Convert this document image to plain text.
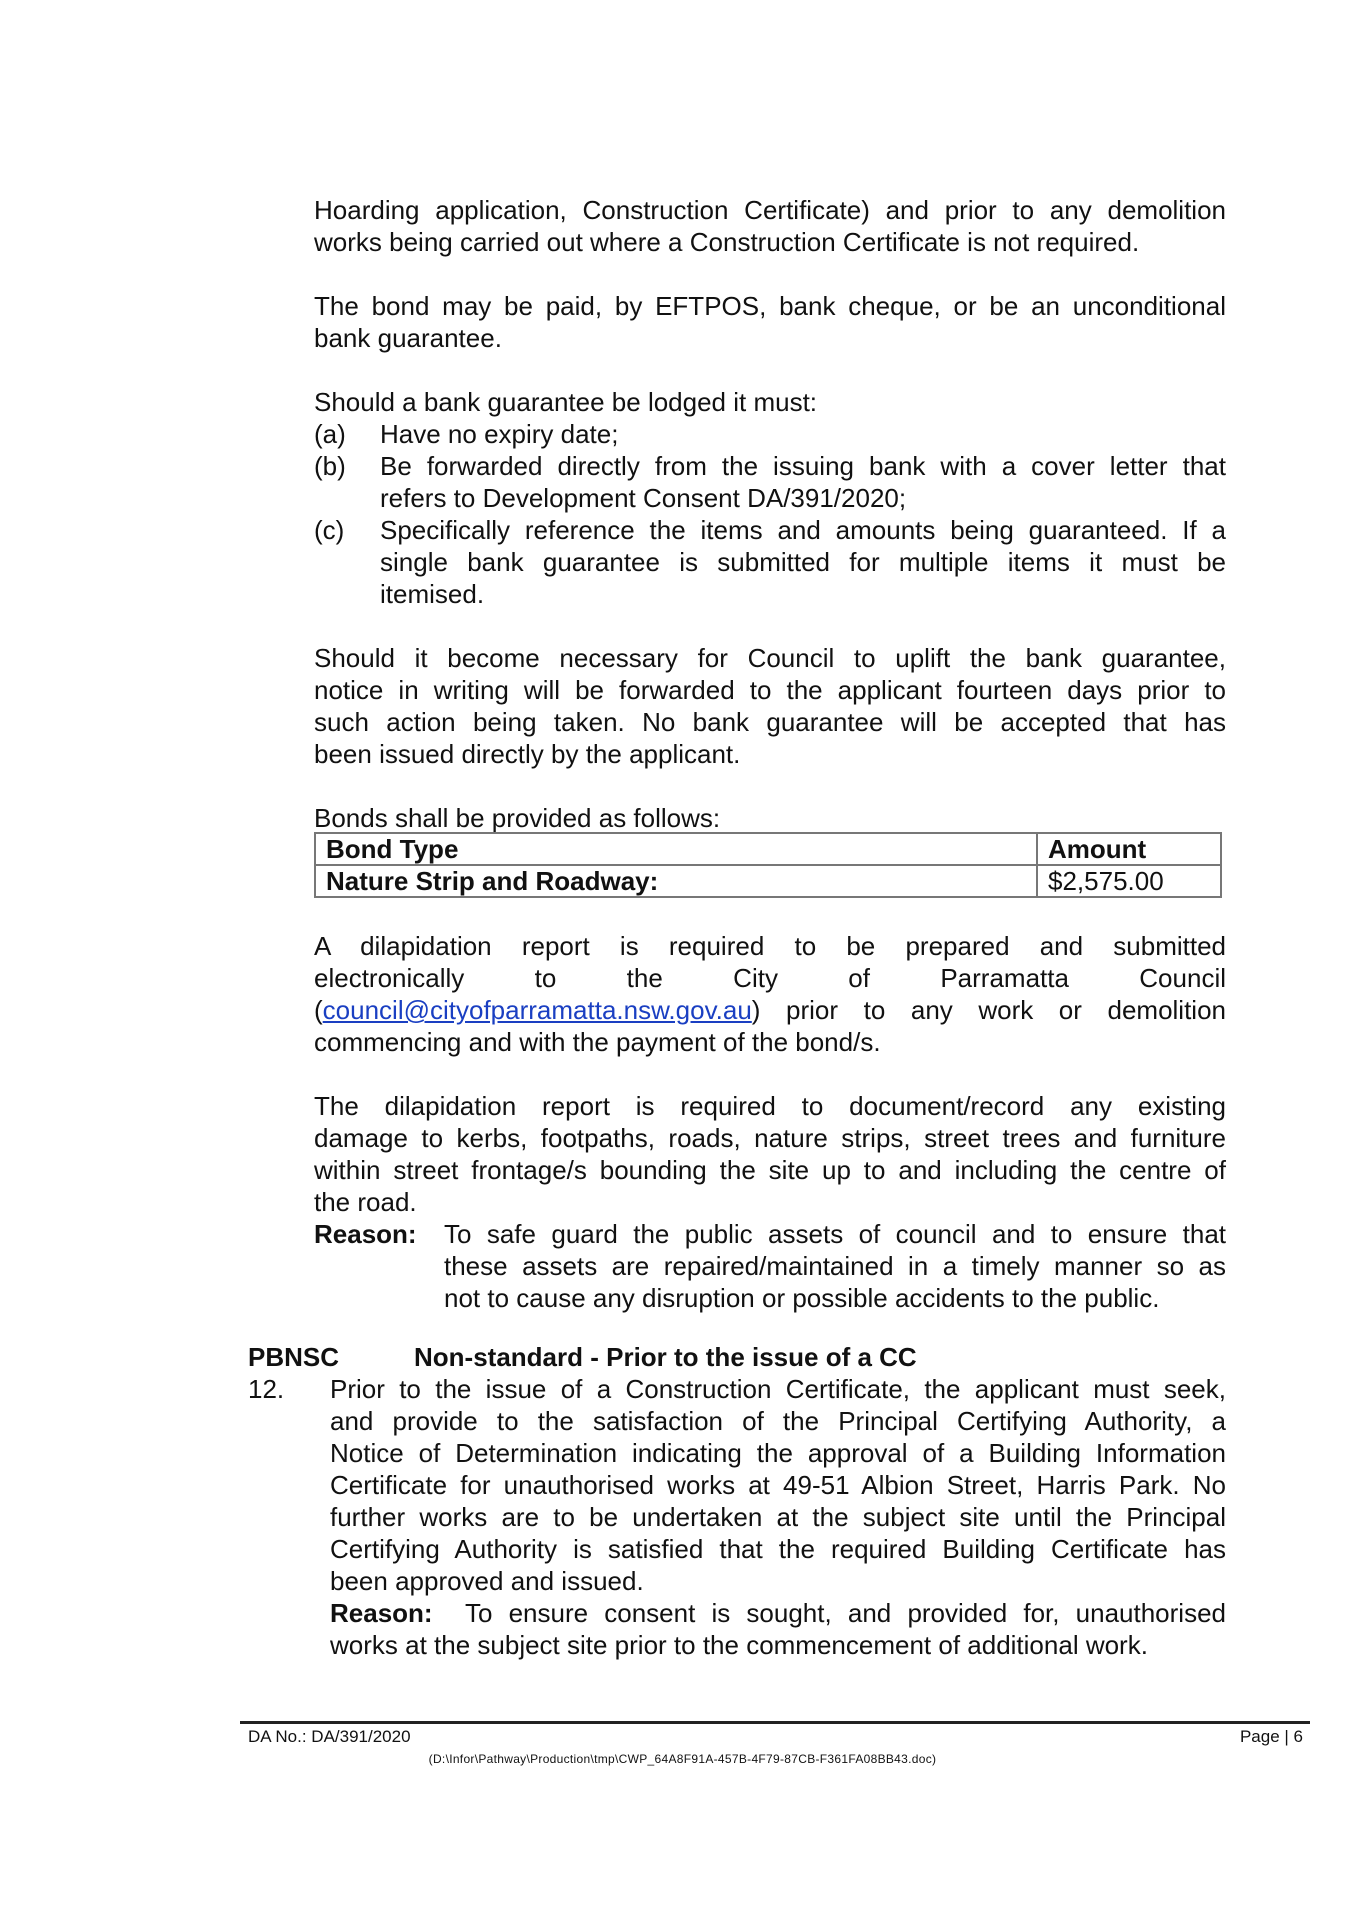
Hoarding application, Construction Certificate) and prior to any demolition
works being carried out where a Construction Certificate is not required.
The bond may be paid, by EFTPOS, bank cheque, or be an unconditional
bank guarantee.
Should a bank guarantee be lodged it must:
(a) Have no expiry date;
(b) Be forwarded directly from the issuing bank with a cover letter that
refers to Development Consent DA/391/2020;
(c) Specifically reference the items and amounts being guaranteed. If a
single bank guarantee is submitted for multiple items it must be
itemised.
Should it become necessary for Council to uplift the bank guarantee,
notice in writing will be forwarded to the applicant fourteen days prior to
such action being taken. No bank guarantee will be accepted that has
been issued directly by the applicant.
Bonds shall be provided as follows:
Bond Type	Amount
Nature Strip and Roadway:	$2,575.00
A dilapidation report is required to be prepared and submitted
electronically to the City of Parramatta Council
(council@cityofparramatta.nsw.gov.au) prior to any work or demolition
commencing and with the payment of the bond/s.
The dilapidation report is required to document/record any existing
damage to kerbs, footpaths, roads, nature strips, street trees and furniture
within street frontage/s bounding the site up to and including the centre of
the road.
Reason: To safe guard the public assets of council and to ensure that
these assets are repaired/maintained in a timely manner so as
not to cause any disruption or possible accidents to the public.
PBNSC	Non-standard - Prior to the issue of a CC
12. Prior to the issue of a Construction Certificate, the applicant must seek,
and provide to the satisfaction of the Principal Certifying Authority, a
Notice of Determination indicating the approval of a Building Information
Certificate for unauthorised works at 49-51 Albion Street, Harris Park. No
further works are to be undertaken at the subject site until the Principal
Certifying Authority is satisfied that the required Building Certificate has
been approved and issued.
Reason: To ensure consent is sought, and provided for, unauthorised
works at the subject site prior to the commencement of additional work.
DA No.: DA/391/2020	Page | 6
(D:\Infor\Pathway\Production\tmp\CWP_64A8F91A-457B-4F79-87CB-F361FA08BB43.doc)
